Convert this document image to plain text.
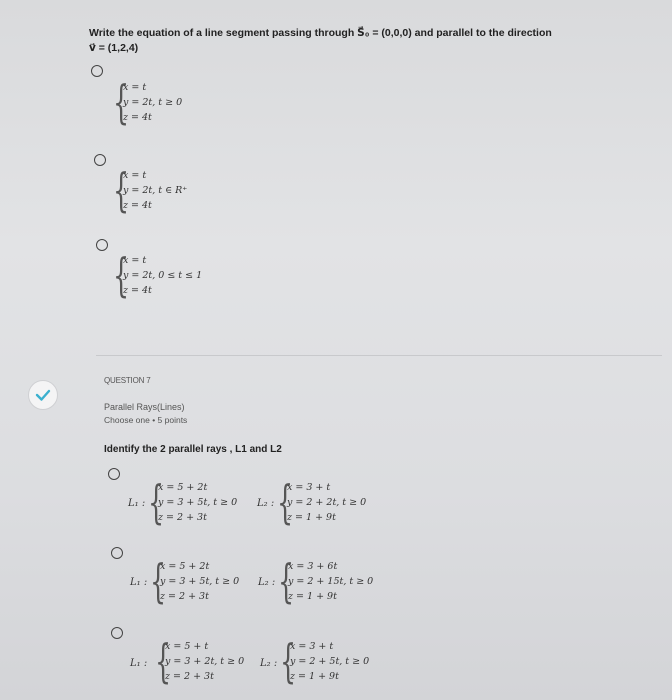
Write the equation of a line segment passing through S⃗₀ = (0,0,0) and parallel to the direction
v⃗ = (1,2,4)
{
x = t
y = 2t, t ≥ 0
z = 4t
{
x = t
y = 2t, t ∈ R⁺
z = 4t
{
x = t
y = 2t, 0 ≤ t ≤ 1
z = 4t
QUESTION 7
Parallel Rays(Lines)
Choose one • 5 points
Identify the 2 parallel rays , L1 and L2
L₁ : {
x = 5 + 2t
y = 3 + 5t, t ≥ 0
z = 2 + 3t
L₂ : {
x = 3 + t
y = 2 + 2t, t ≥ 0
z = 1 + 9t
L₁ : {
x = 5 + 2t
y = 3 + 5t, t ≥ 0
z = 2 + 3t
L₂ : {
x = 3 + 6t
y = 2 + 15t, t ≥ 0
z = 1 + 9t
L₁ : {
x = 5 + t
y = 3 + 2t, t ≥ 0
z = 2 + 3t
L₂ : {
x = 3 + t
y = 2 + 5t, t ≥ 0
z = 1 + 9t
